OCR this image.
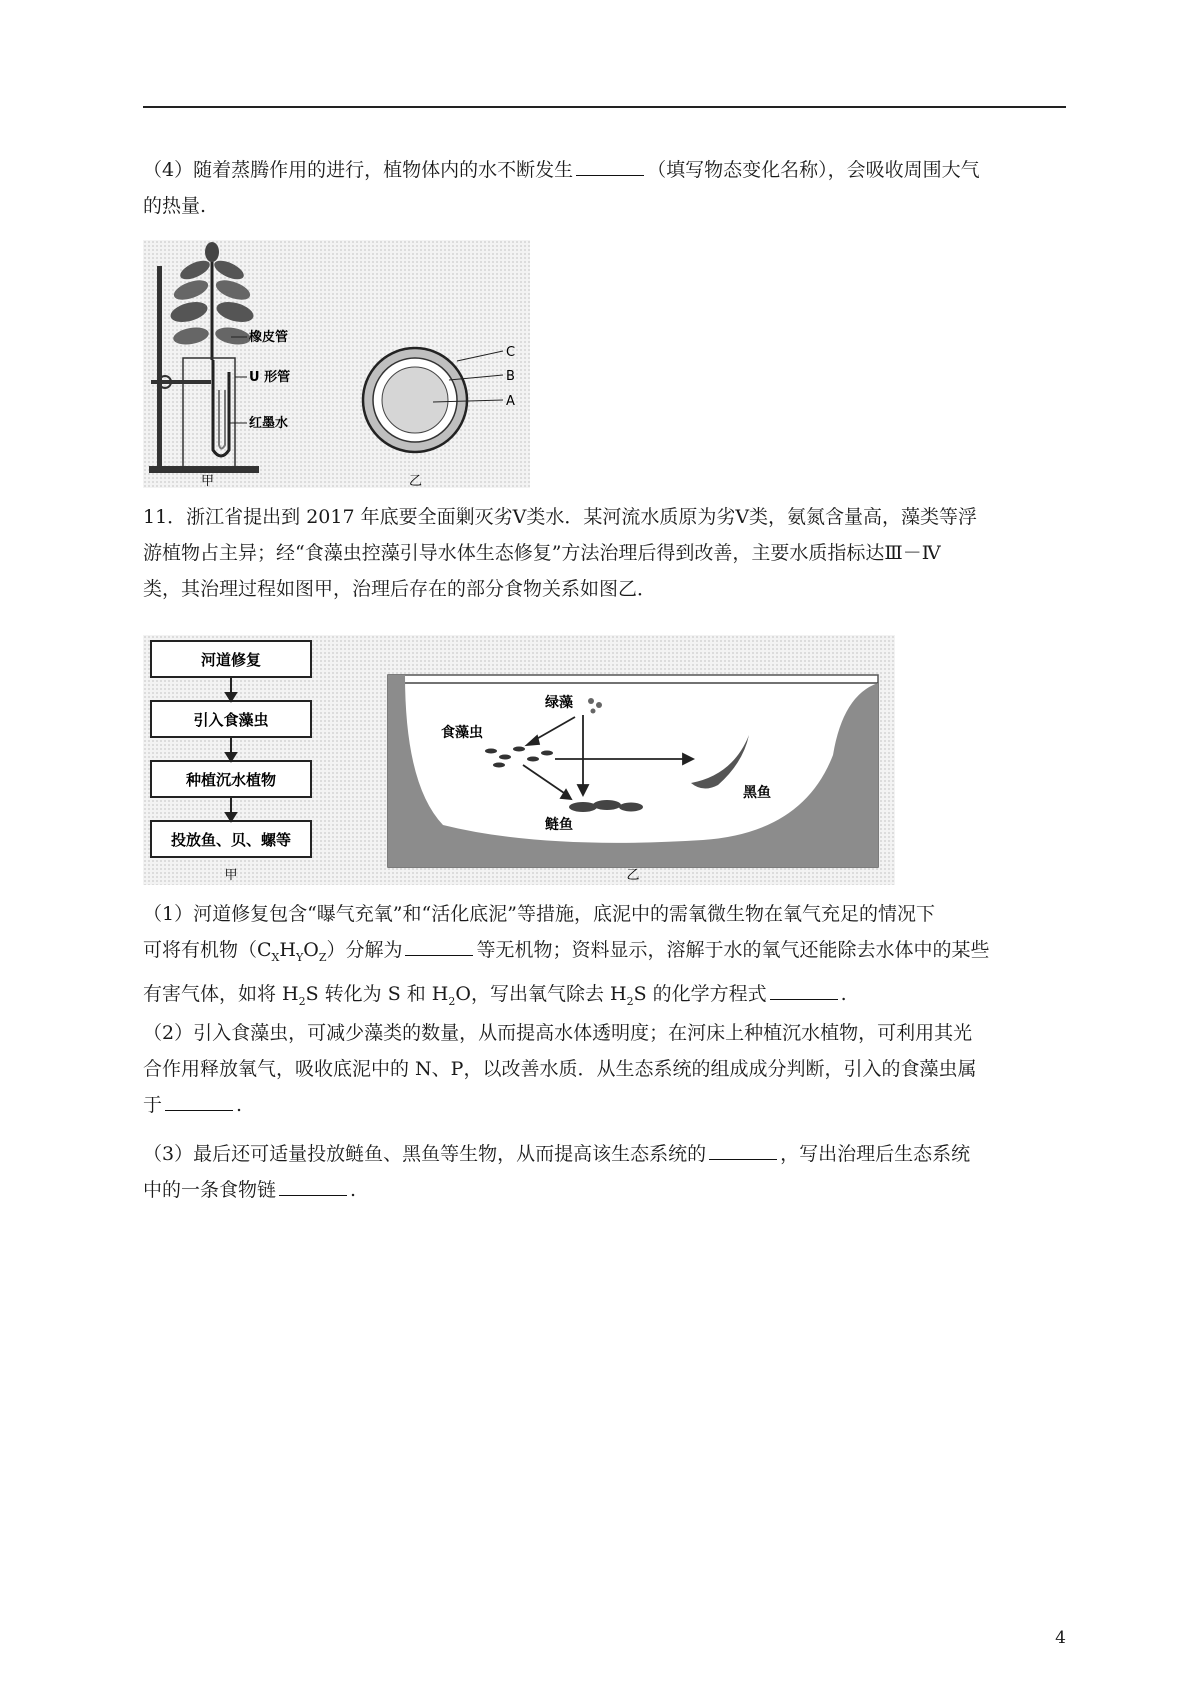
（4）随着蒸腾作用的进行，植物体内的水不断发生	（填写物态变化名称），会吸收周围大气
的热量.

橡皮管
U 形管
红墨水
甲
C
B
A
乙

11．浙江省提出到 2017 年底要全面剿灭劣Ⅴ类水．某河流水质原为劣Ⅴ类，氨氮含量高，藻类等浮
游植物占主异；经“食藻虫控藻引导水体生态修复”方法治理后得到改善，主要水质指标达Ⅲ－Ⅳ
类，其治理过程如图甲，治理后存在的部分食物关系如图乙．

河道修复
引入食藻虫
种植沉水植物
投放鱼、贝、螺等
甲
绿藻
食藻虫
鲢鱼
黑鱼
乙

（1）河道修复包含“曝气充氧”和“活化底泥”等措施，底泥中的需氧微生物在氧气充足的情况下
可将有机物$(C_XH_YO_Z)$分解为	等无机物；资料显示，溶解于水的氧气还能除去水体中的某些
有害气体，如将 $H_2S$ 转化为 S 和 $H_2O$，写出氧气除去 $H_2S$ 的化学方程式	.

（2）引入食藻虫，可减少藻类的数量，从而提高水体透明度；在河床上种植沉水植物，可利用其光
合作用释放氧气，吸收底泥中的 N、P，以改善水质．从生态系统的组成成分判断，引入的食藻虫属
于	.

（3）最后还可适量投放鲢鱼、黑鱼等生物，从而提高该生态系统的	，写出治理后生态系统
中的一条食物链	.

4
